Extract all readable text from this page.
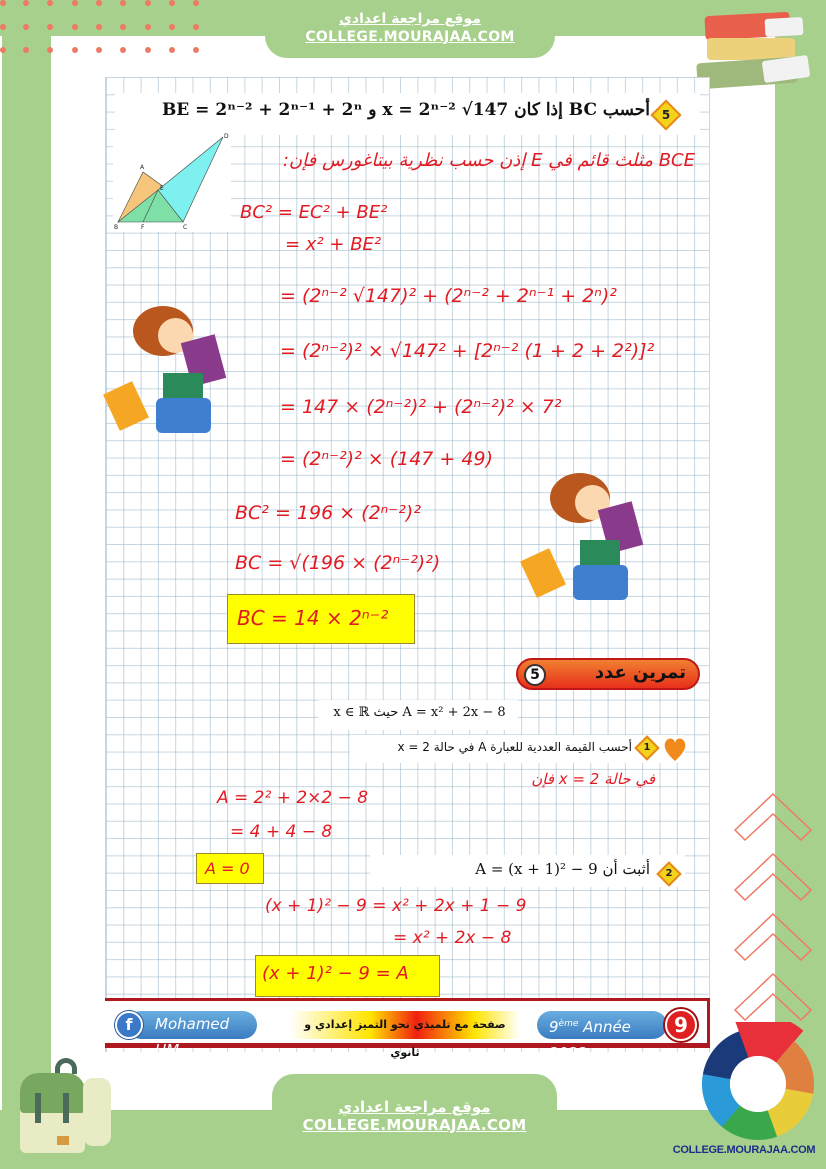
موقع مراجعة اعدادي
COLLEGE.MOURAJAA.COM
5
أحسب BC إذا كان x = 2ⁿ⁻² √147 و BE = 2ⁿ⁻² + 2ⁿ⁻¹ + 2ⁿ
A
B	C
D
E
F
BCE مثلث قائم في E إذن حسب نظرية بيتاغورس فإن:
BC² = EC² + BE²
= x² + BE²
= (2ⁿ⁻² √147)² + (2ⁿ⁻² + 2ⁿ⁻¹ + 2ⁿ)²
= (2ⁿ⁻²)² × √147² + [2ⁿ⁻² (1 + 2 + 2²)]²
= 147 × (2ⁿ⁻²)² + (2ⁿ⁻²)² × 7²
= (2ⁿ⁻²)² × (147 + 49)
BC² = 196 × (2ⁿ⁻²)²
BC = √(196 × (2ⁿ⁻²)²)
BC = 14 × 2ⁿ⁻²
5	تمرين عدد
A = x² + 2x − 8 حيث x ∈ ℝ
1
أحسب القيمة العددية للعبارة A في حالة x = 2
في حالة x = 2 فإن
A = 2² + 2×2 − 8
= 4 + 4 − 8
A = 0	2
أثبت أن A = (x + 1)² − 9
(x + 1)² − 9 = x² + 2x + 1 − 9
= x² + 2x − 8
(x + 1)² − 9 = A
f	Mohamed HM
صفحة مع تلميذي نحو التميز إعدادي و ثانوي
9ème Année 2022
9
موقع مراجعة اعدادي
COLLEGE.MOURAJAA.COM
COLLEGE.MOURAJAA.COM
